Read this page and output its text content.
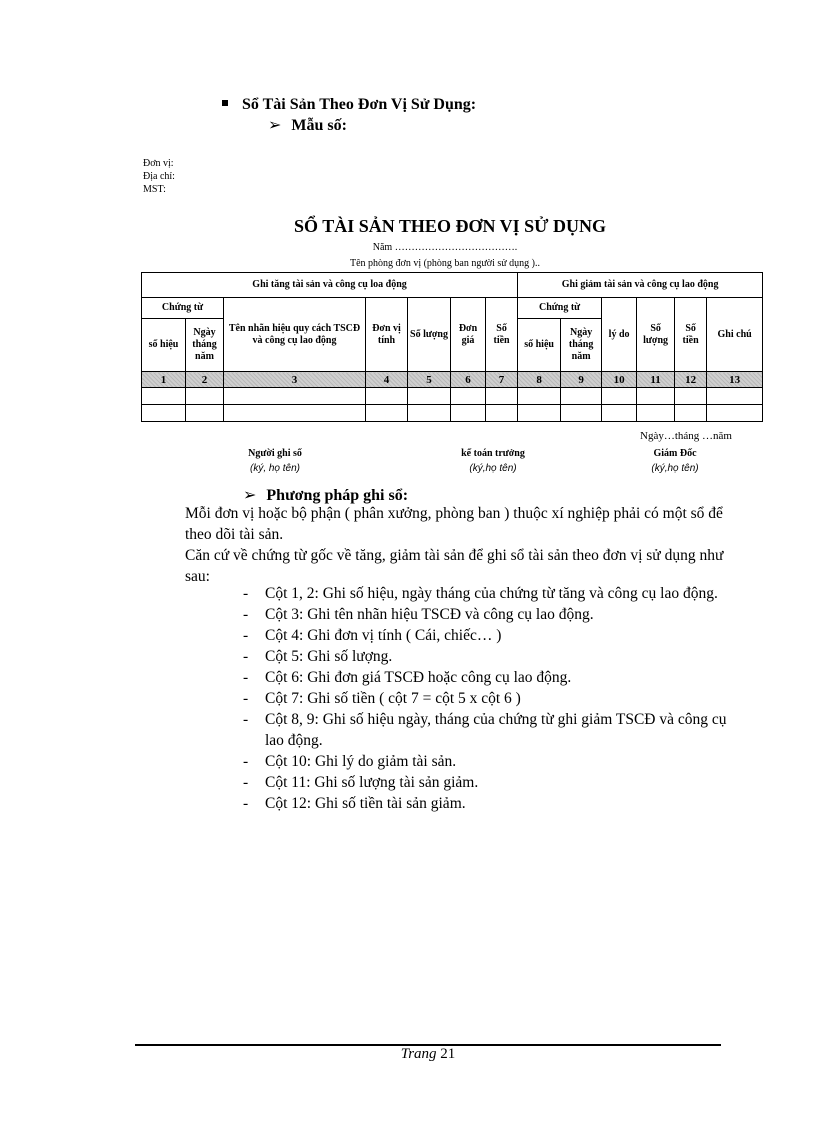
Sổ Tài Sản Theo Đơn Vị Sử Dụng:
➢ Mẫu số:
Đơn vị:
Địa chỉ:
MST:
SỔ TÀI SẢN THEO ĐƠN VỊ SỬ DỤNG
Năm ……………………………….
Tên phòng đơn vị (phòng ban người sử dụng )..
Ghi tăng tài sản và công cụ loa động							Ghi giảm tài sản và công cụ lao động					
Chứng từ		Tên nhãn hiệu quy cách TSCĐ và công cụ lao động	Đơn vị tính	Số lượng	Đơn giá	Số tiền	Chứng từ		lý do	Số lượng	Số tiền	Ghi chú
số hiệu	Ngày tháng năm						số hiệu	Ngày tháng năm				
1	2	3	4	5	6	7	8	9	10	11	12	13

Ngày…tháng …năm
Người ghi số
(ký, họ tên)
kế toán trưởng
(ký,họ tên)
Giám Đốc
(ký,họ tên)
➢ Phương pháp ghi sổ:
Mỗi đơn vị hoặc bộ phận ( phân xưởng, phòng ban ) thuộc xí nghiệp phải có một sổ để theo dõi tài sản.
Căn cứ về chứng từ gốc về tăng, giảm tài sản để ghi sổ tài sản theo đơn vị sử dụng như sau:
- Cột 1, 2: Ghi số hiệu, ngày tháng của chứng từ tăng và công cụ lao động.
- Cột 3: Ghi tên nhãn hiệu TSCĐ và công cụ lao động.
- Cột 4: Ghi đơn vị tính ( Cái, chiếc… )
- Cột 5: Ghi số lượng.
- Cột 6: Ghi đơn giá TSCĐ hoặc công cụ lao động.
- Cột 7: Ghi số tiền ( cột 7 = cột 5 x cột 6 )
- Cột 8, 9: Ghi số hiệu ngày, tháng của chứng từ ghi giảm TSCĐ và công cụ lao động.
- Cột 10: Ghi lý do giảm tài sản.
- Cột 11: Ghi số lượng tài sản giảm.
- Cột 12: Ghi số tiền tài sản giảm.
Trang 21
